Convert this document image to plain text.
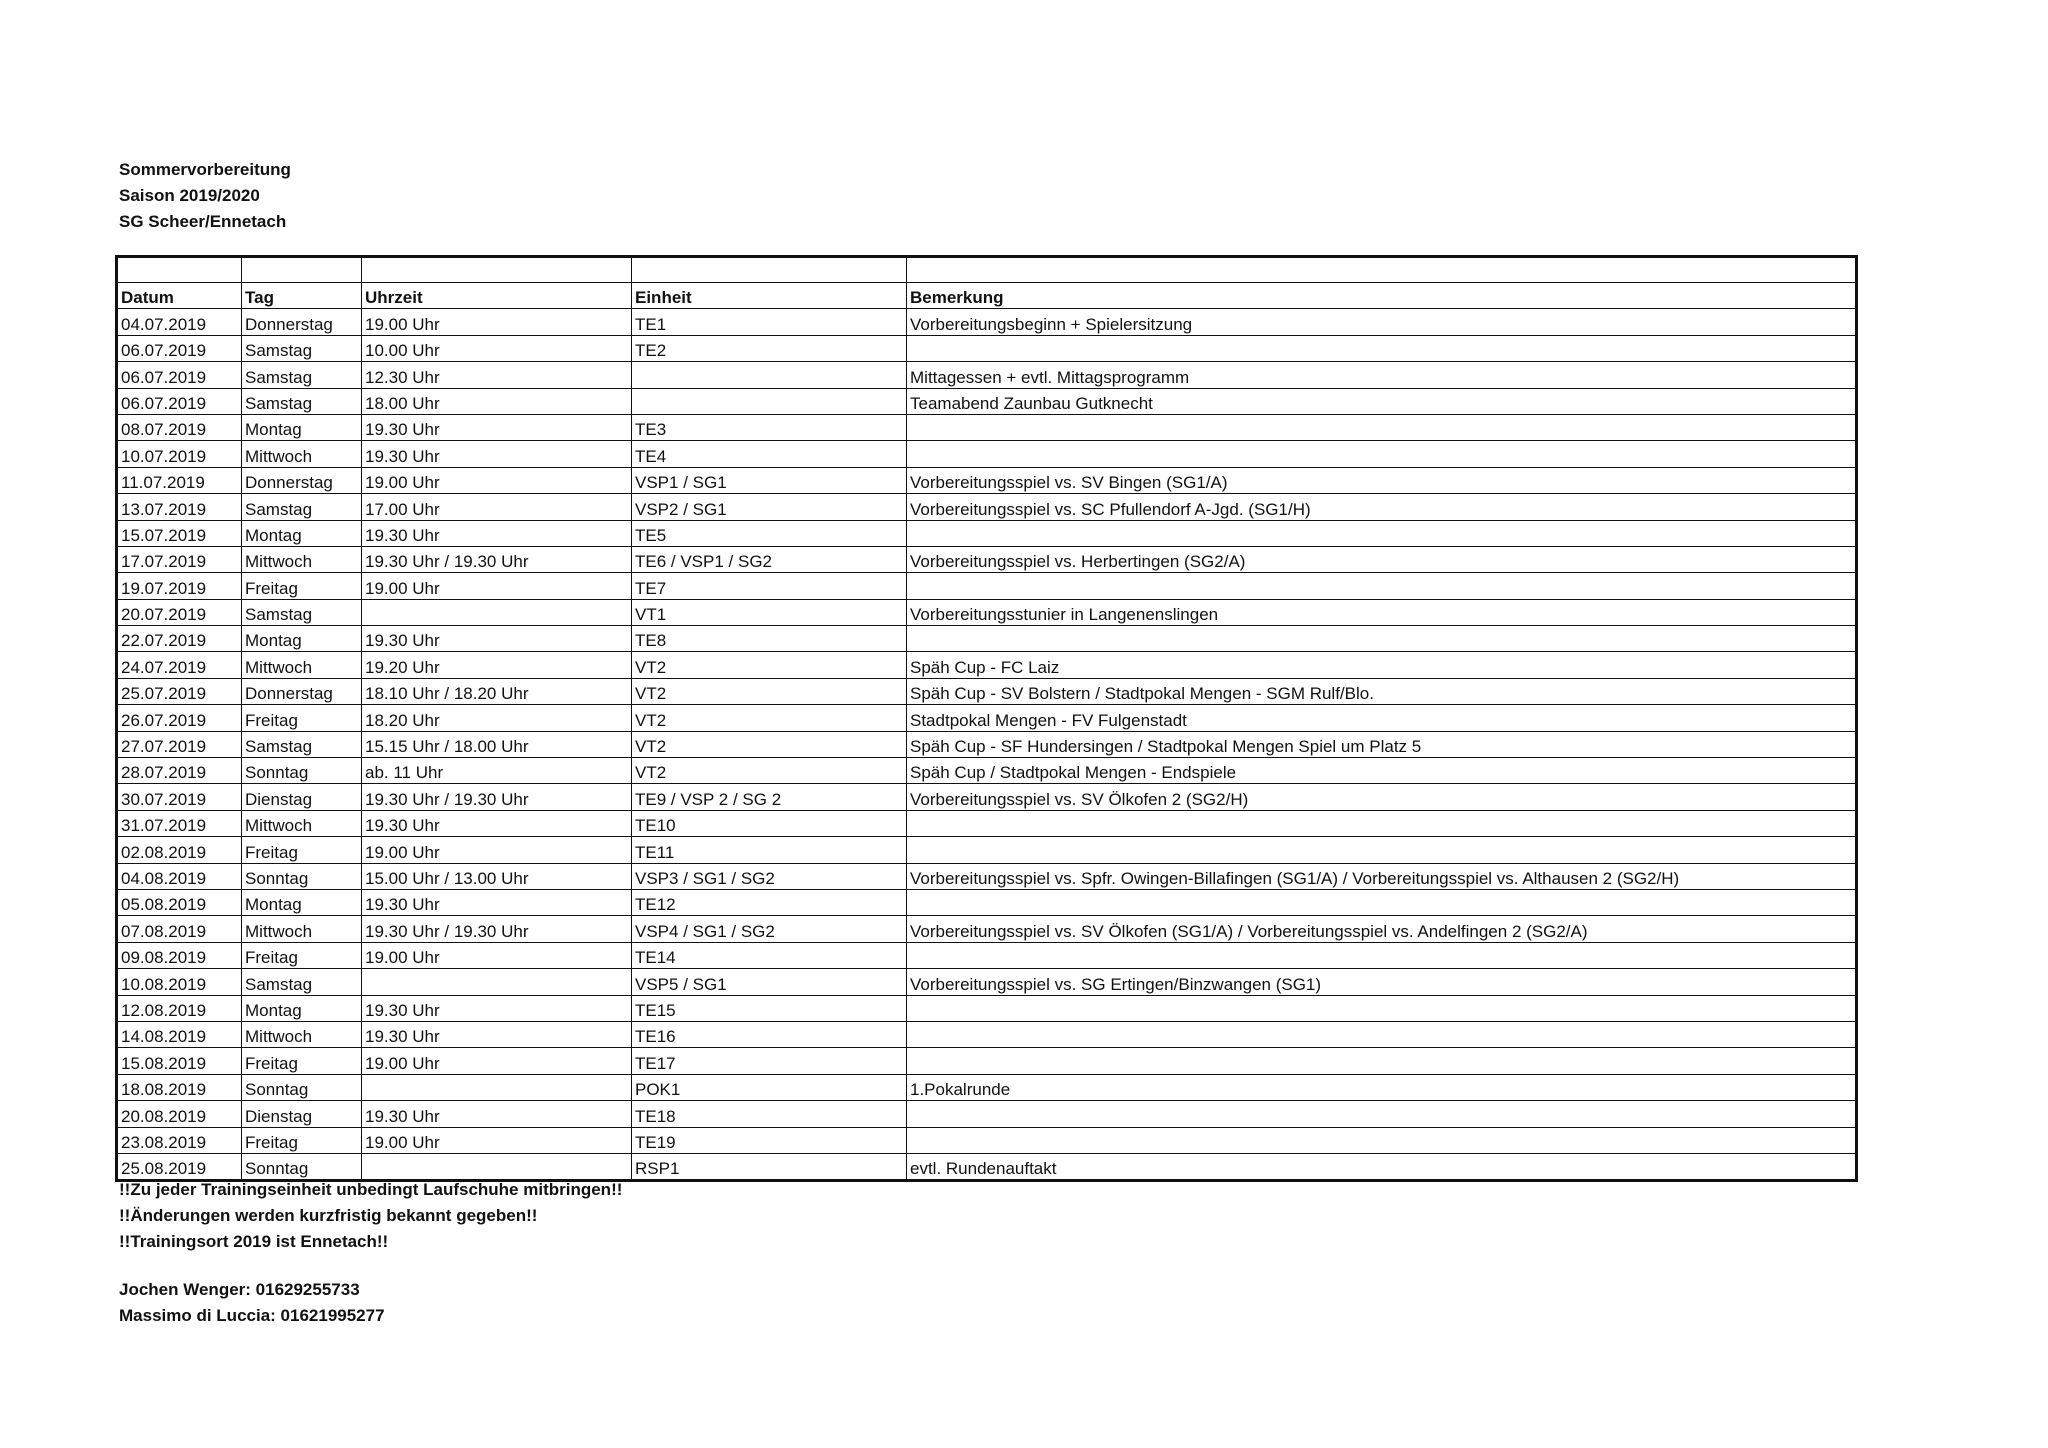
Sommervorbereitung
Saison 2019/2020
SG Scheer/Ennetach

Datum	Tag	Uhrzeit	Einheit	Bemerkung
04.07.2019	Donnerstag	19.00 Uhr	TE1	Vorbereitungsbeginn + Spielersitzung
06.07.2019	Samstag	10.00 Uhr	TE2	
06.07.2019	Samstag	12.30 Uhr		Mittagessen + evtl. Mittagsprogramm
06.07.2019	Samstag	18.00 Uhr		Teamabend Zaunbau Gutknecht
08.07.2019	Montag	19.30 Uhr	TE3	
10.07.2019	Mittwoch	19.30 Uhr	TE4	
11.07.2019	Donnerstag	19.00 Uhr	VSP1 / SG1	Vorbereitungsspiel vs. SV Bingen (SG1/A)
13.07.2019	Samstag	17.00 Uhr	VSP2 / SG1	Vorbereitungsspiel vs. SC Pfullendorf A-Jgd. (SG1/H)
15.07.2019	Montag	19.30 Uhr	TE5	
17.07.2019	Mittwoch	19.30 Uhr / 19.30 Uhr	TE6 / VSP1 / SG2	Vorbereitungsspiel vs. Herbertingen (SG2/A)
19.07.2019	Freitag	19.00 Uhr	TE7	
20.07.2019	Samstag		VT1	Vorbereitungsstunier in Langenenslingen
22.07.2019	Montag	19.30 Uhr	TE8	
24.07.2019	Mittwoch	19.20 Uhr	VT2	Späh Cup - FC Laiz
25.07.2019	Donnerstag	18.10 Uhr / 18.20 Uhr	VT2	Späh Cup - SV Bolstern / Stadtpokal Mengen - SGM Rulf/Blo.
26.07.2019	Freitag	18.20 Uhr	VT2	Stadtpokal Mengen - FV Fulgenstadt
27.07.2019	Samstag	15.15 Uhr / 18.00 Uhr	VT2	Späh Cup - SF Hundersingen / Stadtpokal Mengen Spiel um Platz 5
28.07.2019	Sonntag	ab. 11 Uhr	VT2	Späh Cup / Stadtpokal Mengen - Endspiele
30.07.2019	Dienstag	19.30 Uhr / 19.30 Uhr	TE9 / VSP 2 / SG 2	Vorbereitungsspiel vs. SV Ölkofen 2 (SG2/H)
31.07.2019	Mittwoch	19.30 Uhr	TE10	
02.08.2019	Freitag	19.00 Uhr	TE11	
04.08.2019	Sonntag	15.00 Uhr / 13.00 Uhr	VSP3 / SG1 / SG2	Vorbereitungsspiel vs. Spfr. Owingen-Billafingen (SG1/A) / Vorbereitungsspiel vs. Althausen 2 (SG2/H)
05.08.2019	Montag	19.30 Uhr	TE12	
07.08.2019	Mittwoch	19.30 Uhr / 19.30 Uhr	VSP4 / SG1 / SG2	Vorbereitungsspiel vs. SV Ölkofen (SG1/A) / Vorbereitungsspiel vs. Andelfingen 2 (SG2/A)
09.08.2019	Freitag	19.00 Uhr	TE14	
10.08.2019	Samstag		VSP5 / SG1	Vorbereitungsspiel vs. SG Ertingen/Binzwangen (SG1)
12.08.2019	Montag	19.30 Uhr	TE15	
14.08.2019	Mittwoch	19.30 Uhr	TE16	
15.08.2019	Freitag	19.00 Uhr	TE17	
18.08.2019	Sonntag		POK1	1.Pokalrunde
20.08.2019	Dienstag	19.30 Uhr	TE18	
23.08.2019	Freitag	19.00 Uhr	TE19	
25.08.2019	Sonntag		RSP1	evtl. Rundenauftakt
!!Zu jeder Trainingseinheit unbedingt Laufschuhe mitbringen!!
!!Änderungen werden kurzfristig bekannt gegeben!!
!!Trainingsort 2019 ist Ennetach!!
Jochen Wenger: 01629255733
Massimo di Luccia: 01621995277
